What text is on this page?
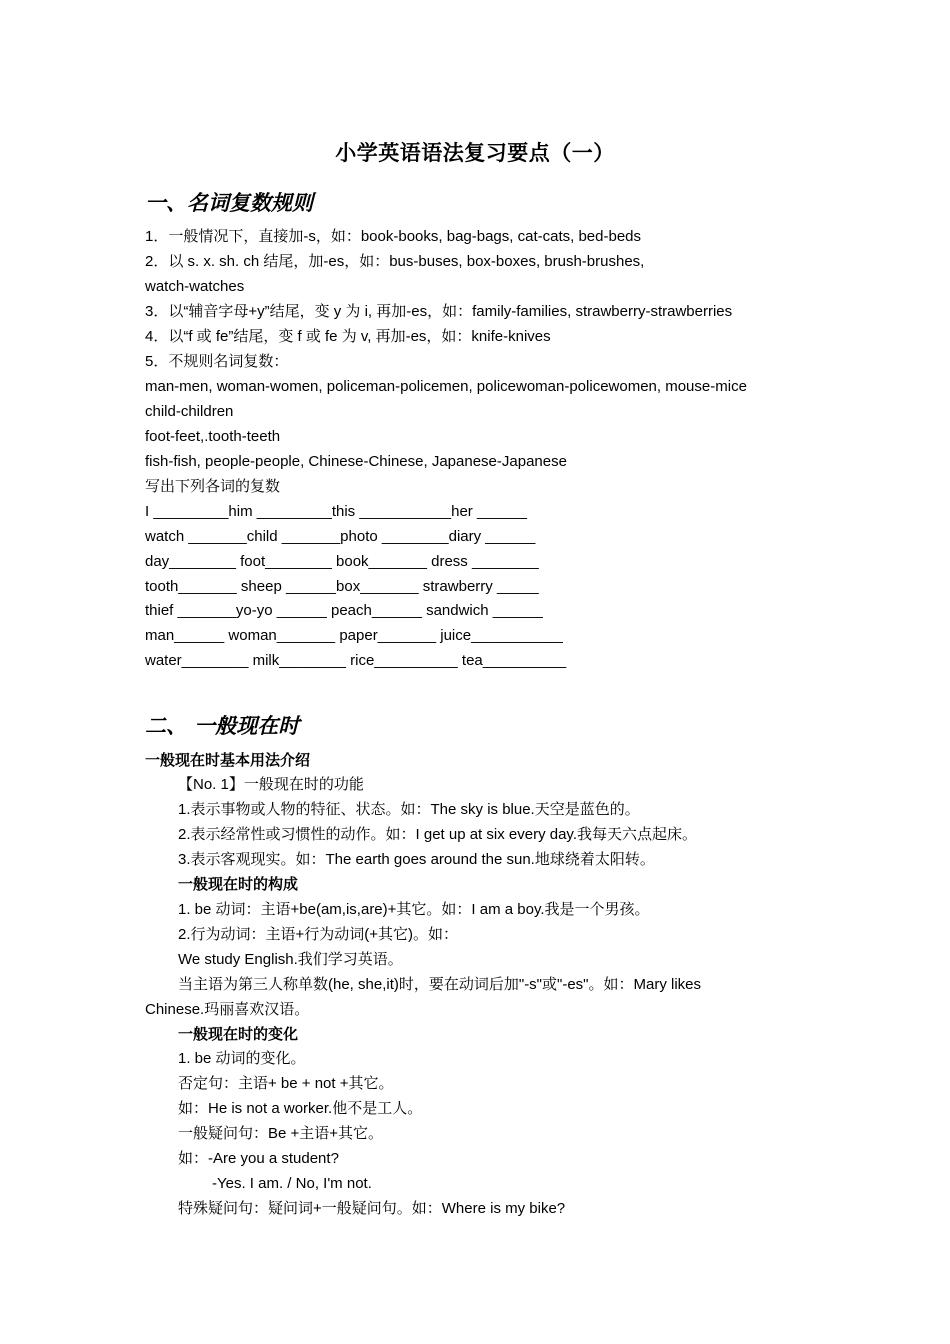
小学英语语法复习要点（一）
一、名词复数规则
1．一般情况下，直接加-s，如：book-books, bag-bags, cat-cats, bed-beds
2．以 s. x. sh. ch 结尾，加-es，如：bus-buses, box-boxes, brush-brushes,
watch-watches
3．以“辅音字母+y”结尾，变 y 为 i, 再加-es，如：family-families, strawberry-strawberries
4．以“f 或 fe”结尾，变 f 或 fe 为 v, 再加-es，如：knife-knives
5．不规则名词复数：
man-men, woman-women, policeman-policemen, policewoman-policewomen, mouse-mice
child-children
foot-feet,.tooth-teeth
fish-fish, people-people, Chinese-Chinese, Japanese-Japanese
写出下列各词的复数
I _________him _________this ___________her ______
watch _______child _______photo ________diary ______
day________ foot________ book_______ dress ________
tooth_______ sheep ______box_______ strawberry _____
thief _______yo-yo ______ peach______ sandwich ______
man______ woman_______ paper_______ juice___________
water________ milk________ rice__________ tea__________
二、 一般现在时
一般现在时基本用法介绍
【No. 1】一般现在时的功能
1.表示事物或人物的特征、状态。如：The sky is blue.天空是蓝色的。
2.表示经常性或习惯性的动作。如：I get up at six every day.我每天六点起床。
3.表示客观现实。如：The earth goes around the sun.地球绕着太阳转。
一般现在时的构成
1. be 动词：主语+be(am,is,are)+其它。如：I am a boy.我是一个男孩。
2.行为动词：主语+行为动词(+其它)。如：
We study English.我们学习英语。
当主语为第三人称单数(he, she,it)时，要在动词后加"-s"或"-es"。如：Mary likes
Chinese.玛丽喜欢汉语。
一般现在时的变化
1. be 动词的变化。
否定句：主语+ be + not +其它。
如：He is not a worker.他不是工人。
一般疑问句：Be +主语+其它。
如：-Are you a student?
-Yes. I am. / No, I'm not.
特殊疑问句：疑问词+一般疑问句。如：Where is my bike?
